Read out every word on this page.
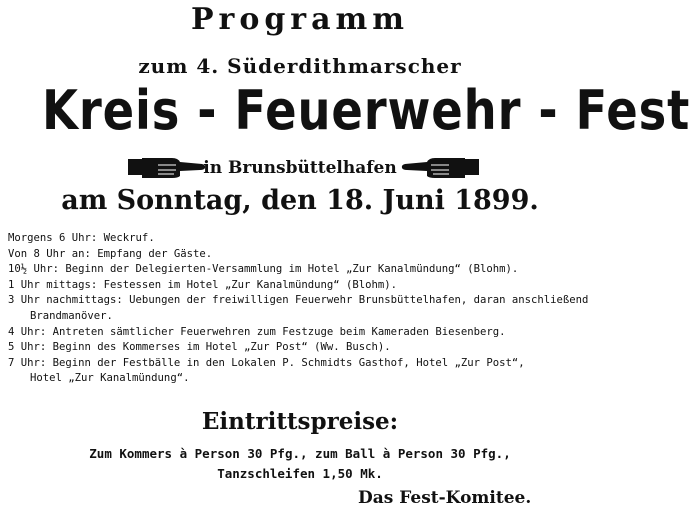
Programm
zum 4. Süderdithmarscher
Kreis - Feuerwehr - Fest
in Brunsbüttelhafen
am Sonntag, den 18. Juni 1899.
Morgens 6 Uhr: Weckruf.
Von 8 Uhr an: Empfang der Gäste.
10½ Uhr: Beginn der Delegierten-Versammlung im Hotel „Zur Kanalmündung“ (Blohm).
1 Uhr mittags: Festessen im Hotel „Zur Kanalmündung“ (Blohm).
3 Uhr nachmittags: Uebungen der freiwilligen Feuerwehr Brunsbüttelhafen, daran anschließend
Brandmanöver.
4 Uhr: Antreten sämtlicher Feuerwehren zum Festzuge beim Kameraden Biesenberg.
5 Uhr: Beginn des Kommerses im Hotel „Zur Post“ (Ww. Busch).
7 Uhr: Beginn der Festbälle in den Lokalen P. Schmidts Gasthof, Hotel „Zur Post“,
Hotel „Zur Kanalmündung“.
Eintrittspreise:
Zum Kommers à Person 30 Pfg., zum Ball à Person 30 Pfg.,
Tanzschleifen 1,50 Mk.
Das Fest-Komitee.
